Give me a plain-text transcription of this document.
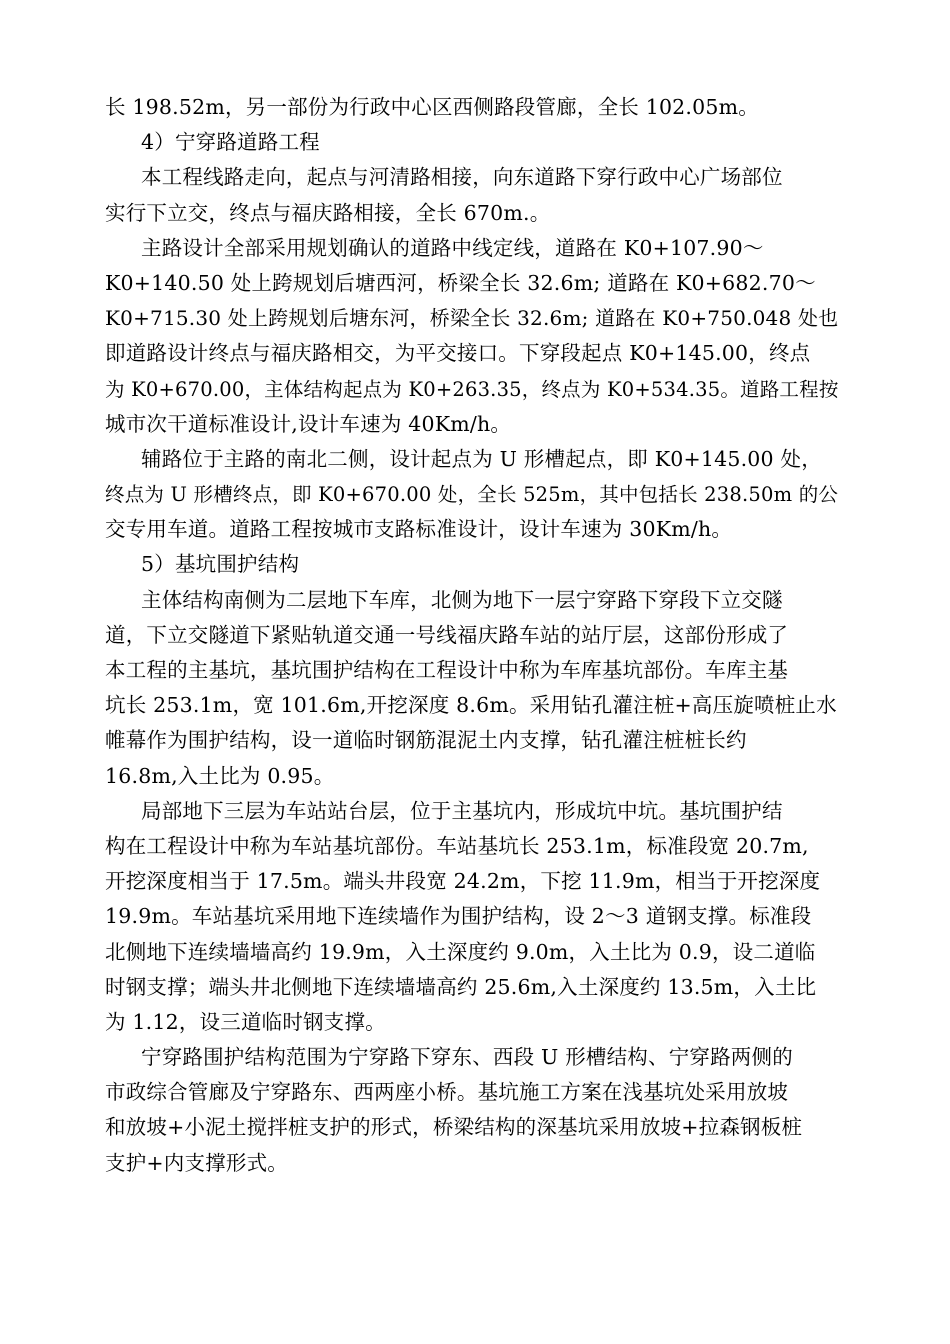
长 198.52m，另一部份为行政中心区西侧路段管廊，全长 102.05m。
4）宁穿路道路工程
本工程线路走向，起点与河清路相接，向东道路下穿行政中心广场部位
实行下立交，终点与福庆路相接，全长 670m.。
主路设计全部采用规划确认的道路中线定线，道路在 K0+107.90～
K0+140.50 处上跨规划后塘西河，桥梁全长 32.6m; 道路在 K0+682.70～
K0+715.30 处上跨规划后塘东河，桥梁全长 32.6m; 道路在 K0+750.048 处也
即道路设计终点与福庆路相交，为平交接口。下穿段起点 K0+145.00，终点
为 K0+670.00，主体结构起点为 K0+263.35，终点为 K0+534.35。道路工程按
城市次干道标准设计,设计车速为 40Km/h。
辅路位于主路的南北二侧，设计起点为 U 形槽起点，即 K0+145.00 处，
终点为 U 形槽终点，即 K0+670.00 处，全长 525m，其中包括长 238.50m 的公
交专用车道。道路工程按城市支路标准设计，设计车速为 30Km/h。
5）基坑围护结构
主体结构南侧为二层地下车库，北侧为地下一层宁穿路下穿段下立交隧
道，下立交隧道下紧贴轨道交通一号线福庆路车站的站厅层，这部份形成了
本工程的主基坑，基坑围护结构在工程设计中称为车库基坑部份。车库主基
坑长 253.1m，宽 101.6m,开挖深度 8.6m。采用钻孔灌注桩+高压旋喷桩止水
帷幕作为围护结构，设一道临时钢筋混泥土内支撑，钻孔灌注桩桩长约
16.8m,入土比为 0.95。
局部地下三层为车站站台层，位于主基坑内，形成坑中坑。基坑围护结
构在工程设计中称为车站基坑部份。车站基坑长 253.1m，标准段宽 20.7m,
开挖深度相当于 17.5m。端头井段宽 24.2m，下挖 11.9m，相当于开挖深度
19.9m。车站基坑采用地下连续墙作为围护结构，设 2～3 道钢支撑。标准段
北侧地下连续墙墙高约 19.9m，入土深度约 9.0m，入土比为 0.9，设二道临
时钢支撑；端头井北侧地下连续墙墙高约 25.6m,入土深度约 13.5m，入土比
为 1.12，设三道临时钢支撑。
宁穿路围护结构范围为宁穿路下穿东、西段 U 形槽结构、宁穿路两侧的
市政综合管廊及宁穿路东、西两座小桥。基坑施工方案在浅基坑处采用放坡
和放坡+小泥土搅拌桩支护的形式，桥梁结构的深基坑采用放坡+拉森钢板桩
支护+内支撑形式。
